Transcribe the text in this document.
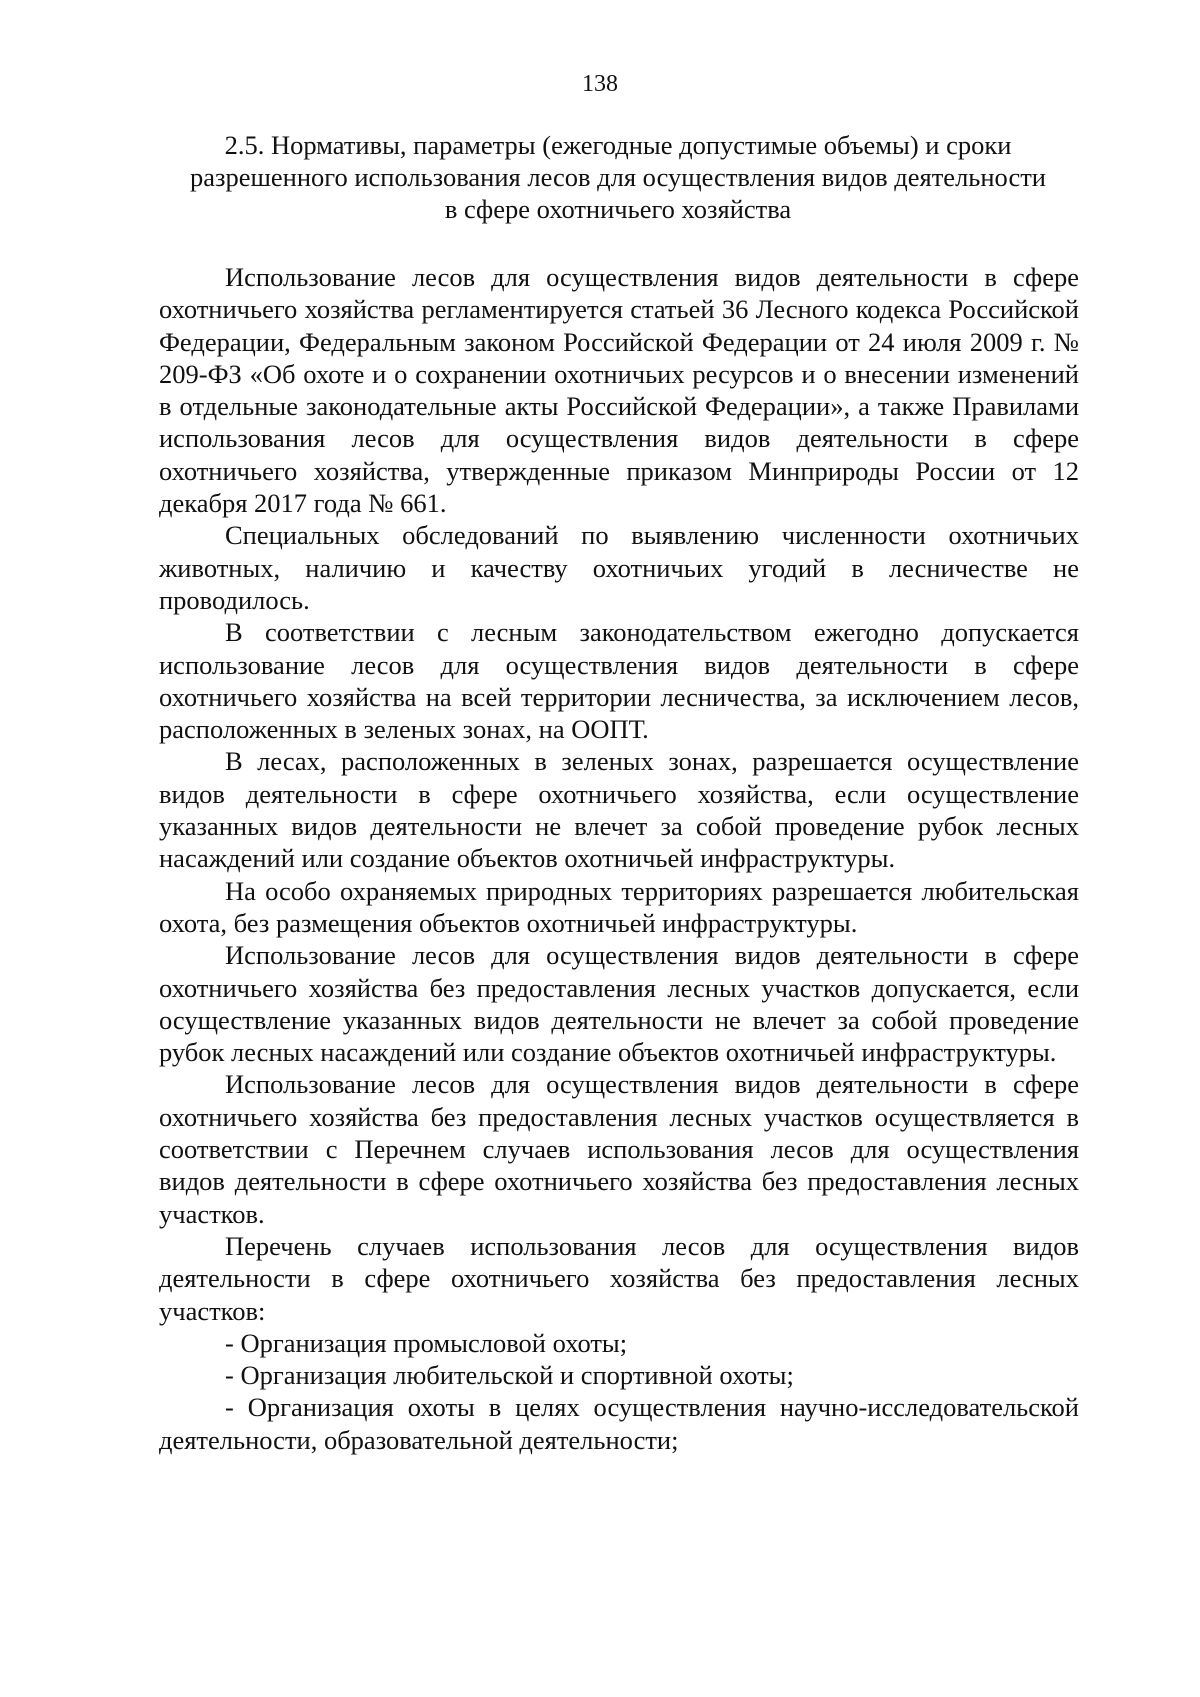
138
2.5. Нормативы, параметры (ежегодные допустимые объемы) и сроки
разрешенного использования лесов для осуществления видов деятельности
в сфере охотничьего хозяйства

Использование лесов для осуществления видов деятельности в сфере охотничьего хозяйства регламентируется статьей 36 Лесного кодекса Российской Федерации, Федеральным законом Российской Федерации от 24 июля 2009 г. № 209-ФЗ «Об охоте и о сохранении охотничьих ресурсов и о внесении изменений в отдельные законодательные акты Российской Федерации», а также Правилами использования лесов для осуществления видов деятельности в сфере охотничьего хозяйства, утвержденные приказом Минприроды России от 12 декабря 2017 года № 661.

Специальных обследований по выявлению численности охотничьих животных, наличию и качеству охотничьих угодий в лесничестве не проводилось.

В соответствии с лесным законодательством ежегодно допускается использование лесов для осуществления видов деятельности в сфере охотничьего хозяйства на всей территории лесничества, за исключением лесов, расположенных в зеленых зонах, на ООПТ.

В лесах, расположенных в зеленых зонах, разрешается осуществление видов деятельности в сфере охотничьего хозяйства, если осуществление указанных видов деятельности не влечет за собой проведение рубок лесных насаждений или создание объектов охотничьей инфраструктуры.

На особо охраняемых природных территориях разрешается любительская охота, без размещения объектов охотничьей инфраструктуры.

Использование лесов для осуществления видов деятельности в сфере охотничьего хозяйства без предоставления лесных участков допускается, если осуществление указанных видов деятельности не влечет за собой проведение рубок лесных насаждений или создание объектов охотничьей инфраструктуры.

Использование лесов для осуществления видов деятельности в сфере охотничьего хозяйства без предоставления лесных участков осуществляется в соответствии с Перечнем случаев использования лесов для осуществления видов деятельности в сфере охотничьего хозяйства без предоставления лесных участков.

Перечень случаев использования лесов для осуществления видов деятельности в сфере охотничьего хозяйства без предоставления лесных участков:

- Организация промысловой охоты;

- Организация любительской и спортивной охоты;

- Организация охоты в целях осуществления научно-исследовательской деятельности, образовательной деятельности;
